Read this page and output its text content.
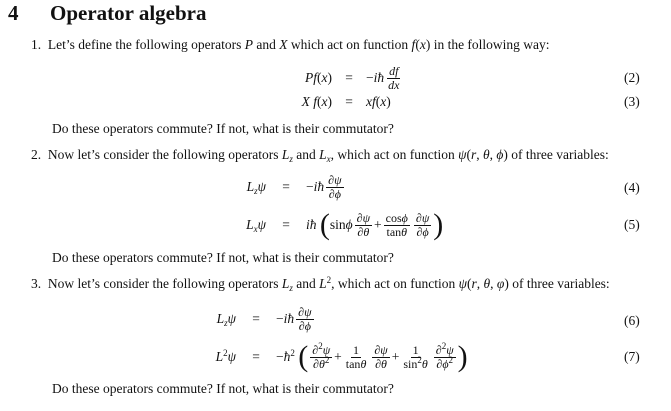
4 Operator algebra
1. Let’s define the following operators P and X which act on function f(x) in the following way:
Pf(x) = −iħ $\frac{df}{dx}$	(2)
X f(x) = xf(x)	(3)
Do these operators commute? If not, what is their commutator?
2. Now let’s consider the following operators $L_z$ and $L_x$, which act on function ψ(r, θ, ϕ) of three variables:
$L_z\psi$	=	−iħ $\frac{\partial\psi}{\partial\phi}$	(4)
$L_x\psi$	=	iħ ( sinϕ $\frac{\partial\psi}{\partial\theta} + \frac{\cos\phi}{\tan\theta} \frac{\partial\psi}{\partial\phi}$ )	(5)
Do these operators commute? If not, what is their commutator?
3. Now let’s consider the following operators $L_z$ and $L^2$, which act on function ψ(r, θ, φ) of three variables:
$L_z\psi$	=	−iħ $\frac{\partial\psi}{\partial\phi}$	(6)
$L^2\psi$	=	$-ħ^2$ ( $\frac{\partial^2\psi}{\partial\theta^2} + \frac{1}{\tan\theta} \frac{\partial\psi}{\partial\theta} + \frac{1}{\sin^2\theta} \frac{\partial^2\psi}{\partial\phi^2}$ )	(7)
Do these operators commute? If not, what is their commutator?
